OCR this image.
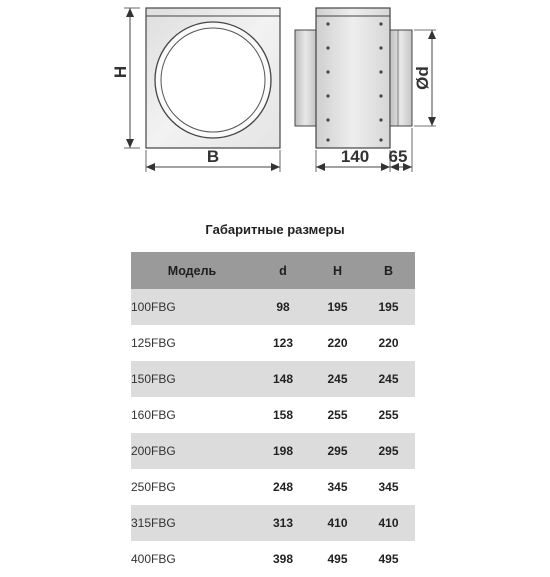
H
B
Ød
140 65
Габаритные размеры
Модель	d	H	B
100FBG	98	195	195
125FBG	123	220	220
150FBG	148	245	245
160FBG	158	255	255
200FBG	198	295	295
250FBG	248	345	345
315FBG	313	410	410
400FBG	398	495	495
